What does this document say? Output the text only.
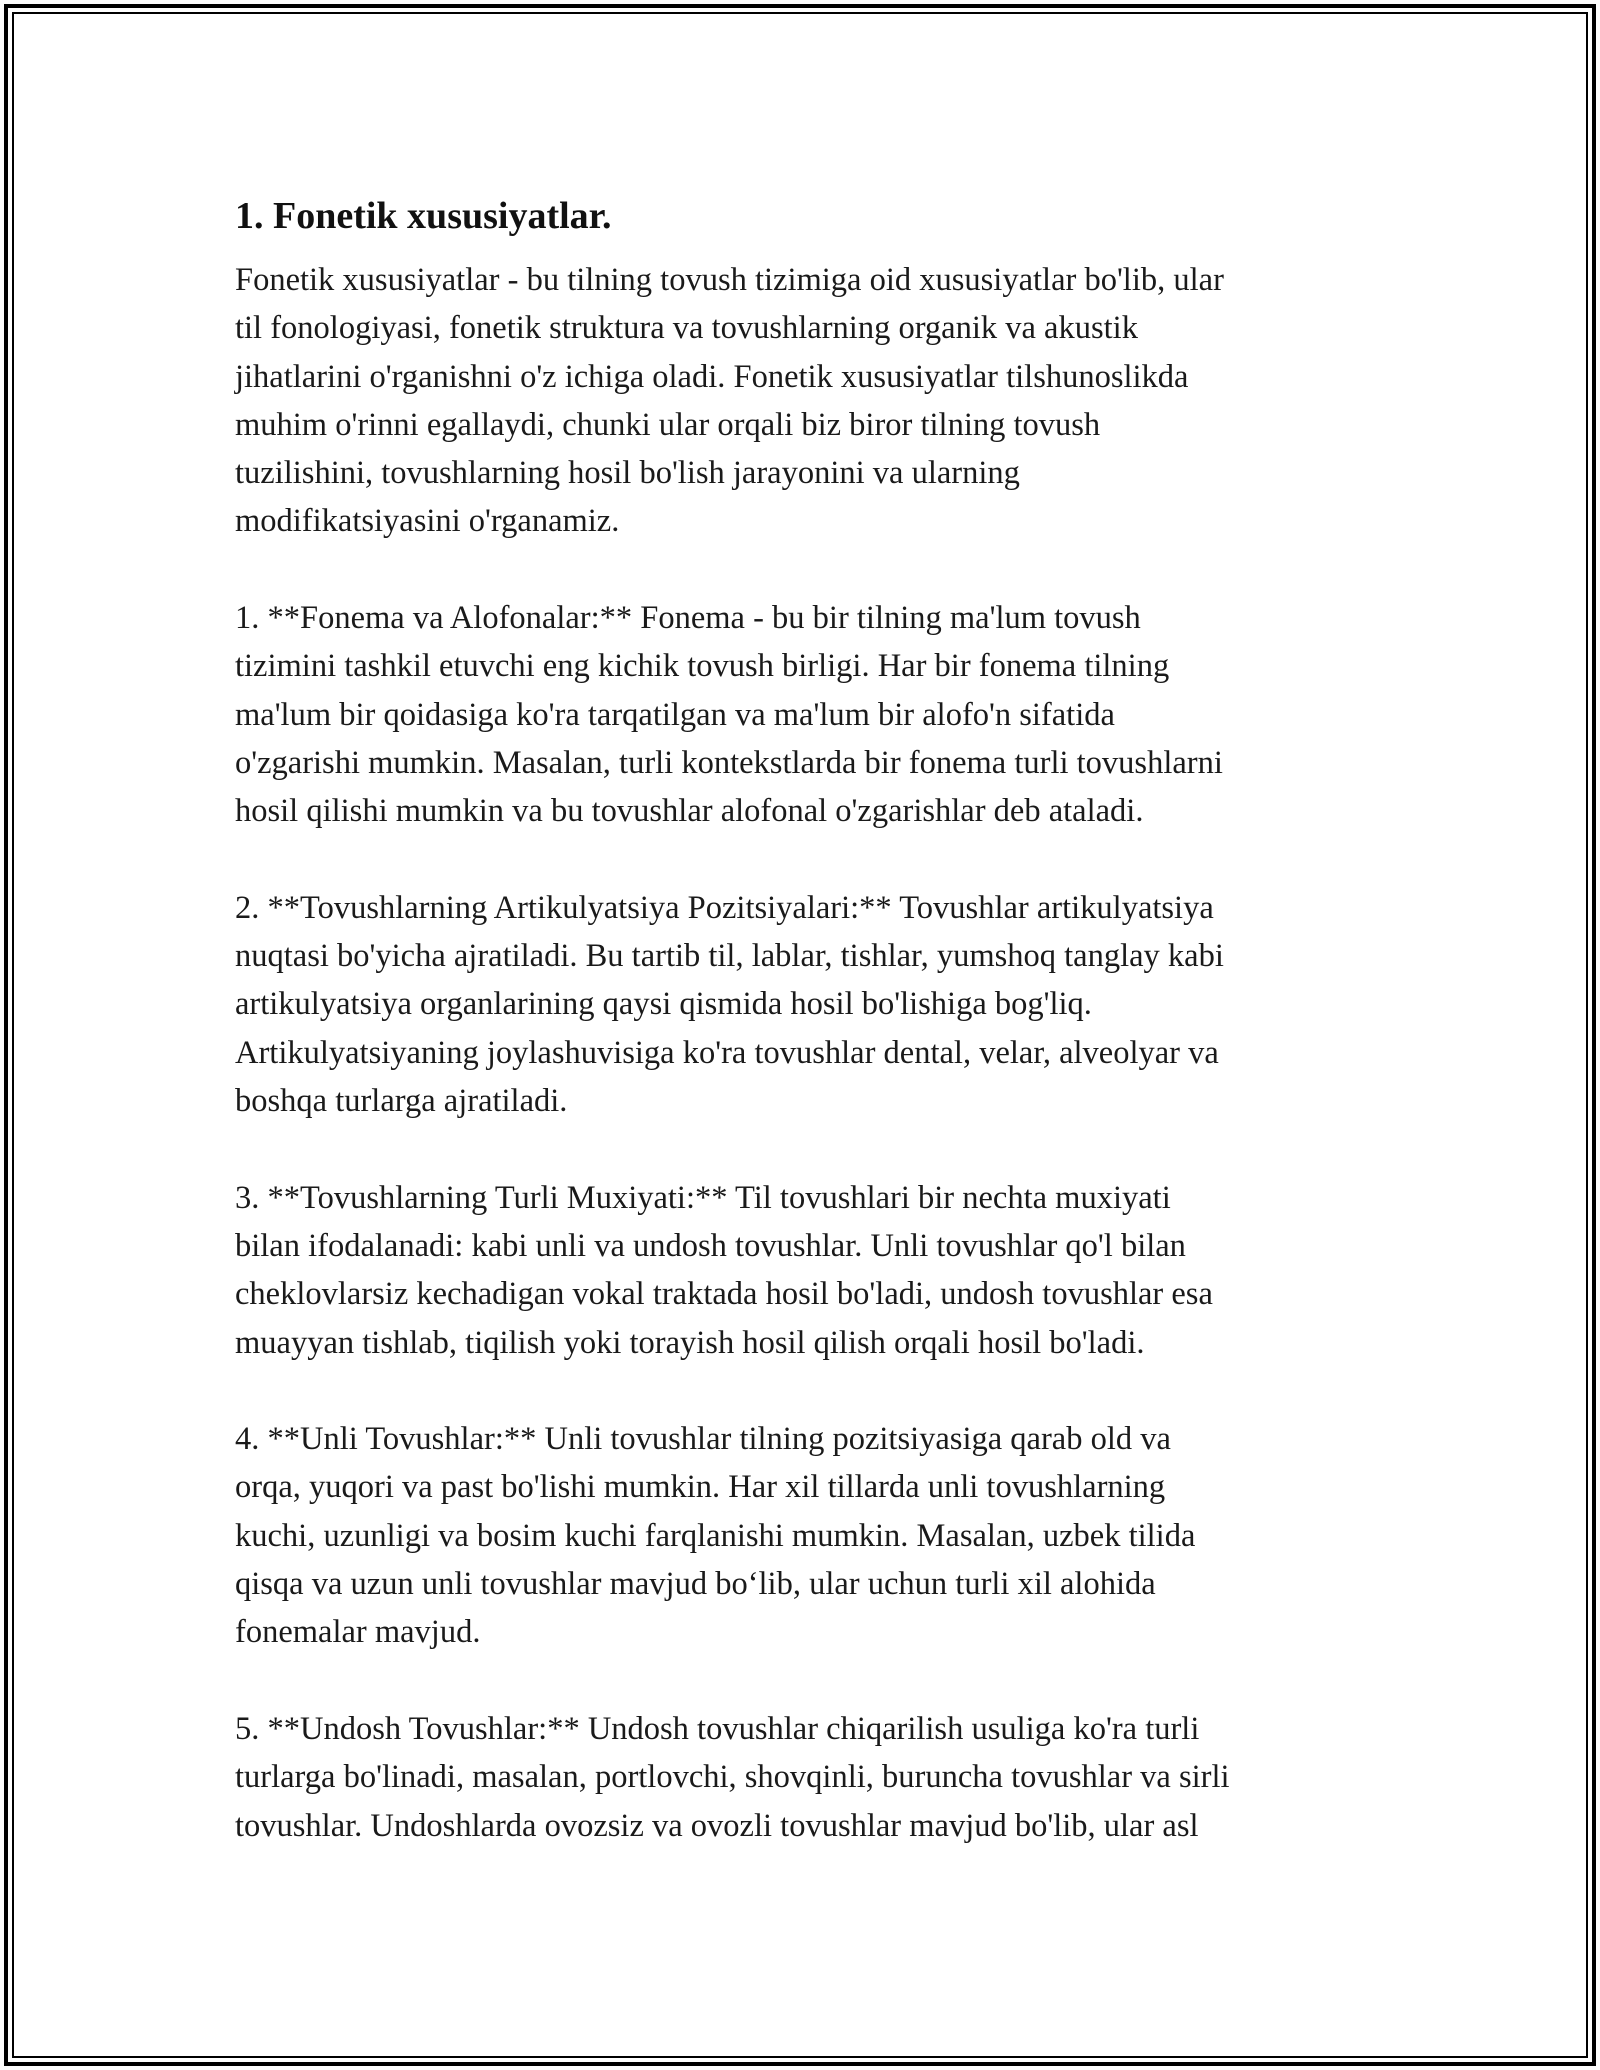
1. Fonetik xususiyatlar.
Fonetik xususiyatlar - bu tilning tovush tizimiga oid xususiyatlar bo'lib, ular
til fonologiyasi, fonetik struktura va tovushlarning organik va akustik
jihatlarini o'rganishni o'z ichiga oladi. Fonetik xususiyatlar tilshunoslikda
muhim o'rinni egallaydi, chunki ular orqali biz biror tilning tovush
tuzilishini, tovushlarning hosil bo'lish jarayonini va ularning
modifikatsiyasini o'rganamiz.
1. **Fonema va Alofonalar:** Fonema - bu bir tilning ma'lum tovush
tizimini tashkil etuvchi eng kichik tovush birligi. Har bir fonema tilning
ma'lum bir qoidasiga ko'ra tarqatilgan va ma'lum bir alofo'n sifatida
o'zgarishi mumkin. Masalan, turli kontekstlarda bir fonema turli tovushlarni
hosil qilishi mumkin va bu tovushlar alofonal o'zgarishlar deb ataladi.
2. **Tovushlarning Artikulyatsiya Pozitsiyalari:** Tovushlar artikulyatsiya
nuqtasi bo'yicha ajratiladi. Bu tartib til, lablar, tishlar, yumshoq tanglay kabi
artikulyatsiya organlarining qaysi qismida hosil bo'lishiga bog'liq.
Artikulyatsiyaning joylashuvisiga ko'ra tovushlar dental, velar, alveolyar va
boshqa turlarga ajratiladi.
3. **Tovushlarning Turli Muxiyati:** Til tovushlari bir nechta muxiyati
bilan ifodalanadi: kabi unli va undosh tovushlar. Unli tovushlar qo'l bilan
cheklovlarsiz kechadigan vokal traktada hosil bo'ladi, undosh tovushlar esa
muayyan tishlab, tiqilish yoki torayish hosil qilish orqali hosil bo'ladi.
4. **Unli Tovushlar:** Unli tovushlar tilning pozitsiyasiga qarab old va
orqa, yuqori va past bo'lishi mumkin. Har xil tillarda unli tovushlarning
kuchi, uzunligi va bosim kuchi farqlanishi mumkin. Masalan, uzbek tilida
qisqa va uzun unli tovushlar mavjud bo‘lib, ular uchun turli xil alohida
fonemalar mavjud.
5. **Undosh Tovushlar:** Undosh tovushlar chiqarilish usuliga ko'ra turli
turlarga bo'linadi, masalan, portlovchi, shovqinli, buruncha tovushlar va sirli
tovushlar. Undoshlarda ovozsiz va ovozli tovushlar mavjud bo'lib, ular asl
